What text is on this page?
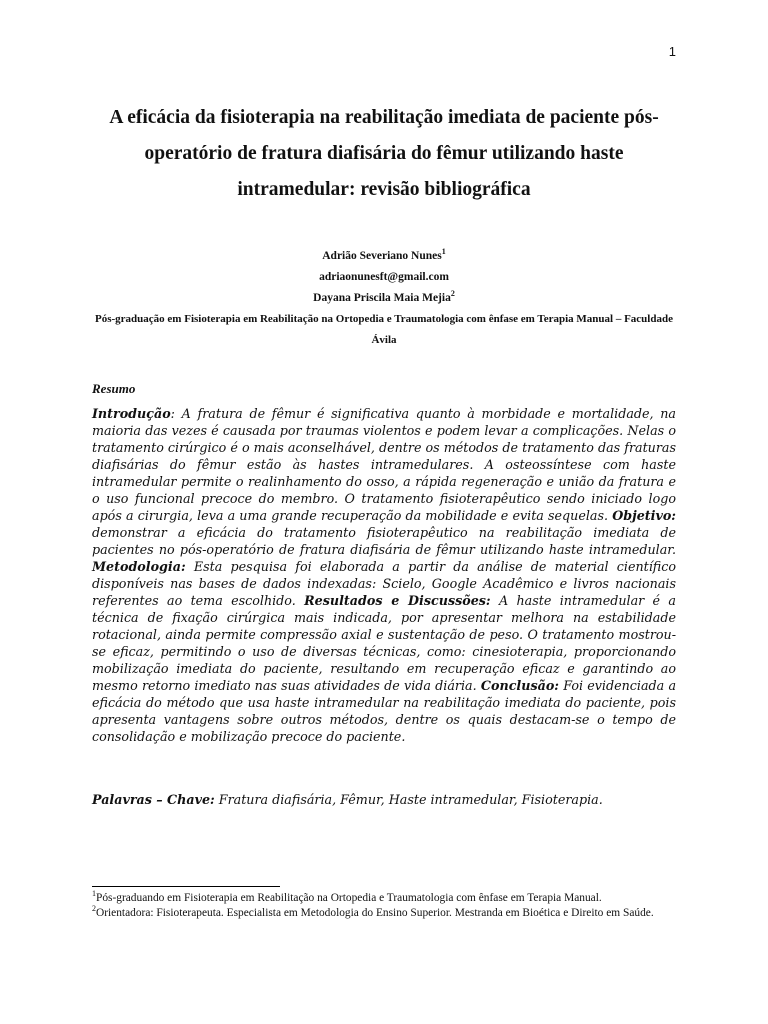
1
A eficácia da fisioterapia na reabilitação imediata de paciente pós-operatório de fratura diafisária do fêmur utilizando haste intramedular: revisão bibliográfica
Adrião Severiano Nunes$^1$
adriaonunesft@gmail.com
Dayana Priscila Maia Mejia$^2$
Pós-graduação em Fisioterapia em Reabilitação na Ortopedia e Traumatologia com ênfase em Terapia Manual – Faculdade Ávila
Resumo
Introdução: A fratura de fêmur é significativa quanto à morbidade e mortalidade, na maioria das vezes é causada por traumas violentos e podem levar a complicações. Nelas o tratamento cirúrgico é o mais aconselhável, dentre os métodos de tratamento das fraturas diafisárias do fêmur estão às hastes intramedulares. A osteossíntese com haste intramedular permite o realinhamento do osso, a rápida regeneração e união da fratura e o uso funcional precoce do membro. O tratamento fisioterapêutico sendo iniciado logo após a cirurgia, leva a uma grande recuperação da mobilidade e evita sequelas. Objetivo: demonstrar a eficácia do tratamento fisioterapêutico na reabilitação imediata de pacientes no pós-operatório de fratura diafisária de fêmur utilizando haste intramedular. Metodologia: Esta pesquisa foi elaborada a partir da análise de material científico disponíveis nas bases de dados indexadas: Scielo, Google Acadêmico e livros nacionais referentes ao tema escolhido. Resultados e Discussões: A haste intramedular é a técnica de fixação cirúrgica mais indicada, por apresentar melhora na estabilidade rotacional, ainda permite compressão axial e sustentação de peso. O tratamento mostrou-se eficaz, permitindo o uso de diversas técnicas, como: cinesioterapia, proporcionando mobilização imediata do paciente, resultando em recuperação eficaz e garantindo ao mesmo retorno imediato nas suas atividades de vida diária. Conclusão: Foi evidenciada a eficácia do método que usa haste intramedular na reabilitação imediata do paciente, pois apresenta vantagens sobre outros métodos, dentre os quais destacam-se o tempo de consolidação e mobilização precoce do paciente.
Palavras – Chave: Fratura diafisária, Fêmur, Haste intramedular, Fisioterapia.

$^1$Pós-graduando em Fisioterapia em Reabilitação na Ortopedia e Traumatologia com ênfase em Terapia Manual.

$^2$Orientadora: Fisioterapeuta. Especialista em Metodologia do Ensino Superior. Mestranda em Bioética e Direito em Saúde.
